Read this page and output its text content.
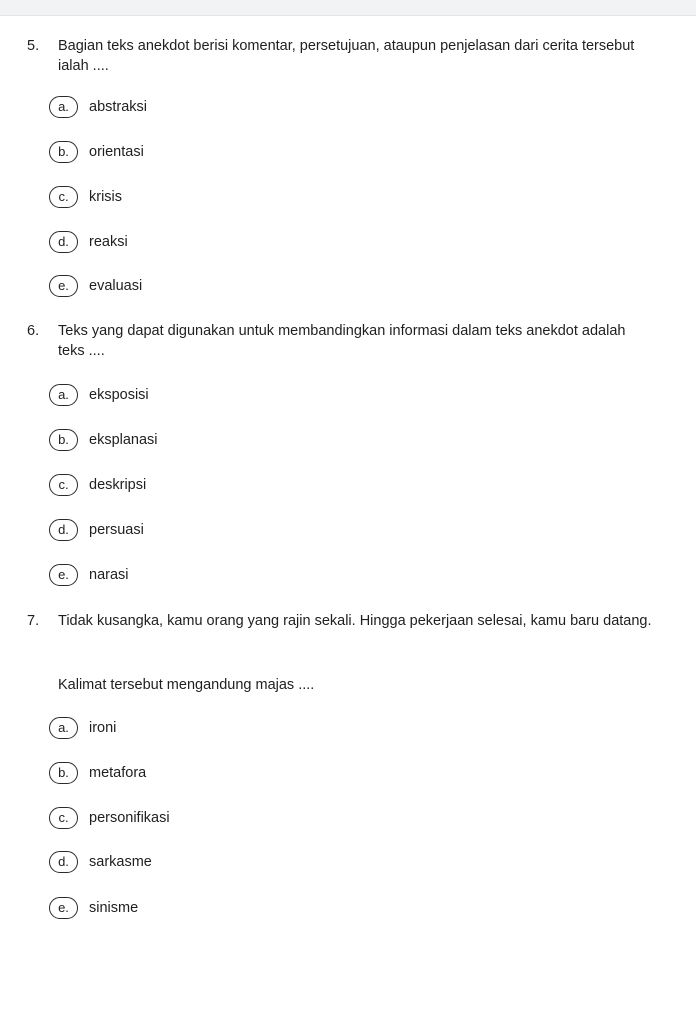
5. Bagian teks anekdot berisi komentar, persetujuan, ataupun penjelasan dari cerita tersebut ialah ....
a.	abstraksi
b.	orientasi
c.	krisis
d.	reaksi
e.	evaluasi
6. Teks yang dapat digunakan untuk membandingkan informasi dalam teks anekdot adalah teks ....
a.	eksposisi
b.	eksplanasi
c.	deskripsi
d.	persuasi
e.	narasi
7. Tidak kusangka, kamu orang yang rajin sekali. Hingga pekerjaan selesai, kamu baru datang.
Kalimat tersebut mengandung majas ....
a.	ironi
b.	metafora
c.	personifikasi
d.	sarkasme
e.	sinisme
